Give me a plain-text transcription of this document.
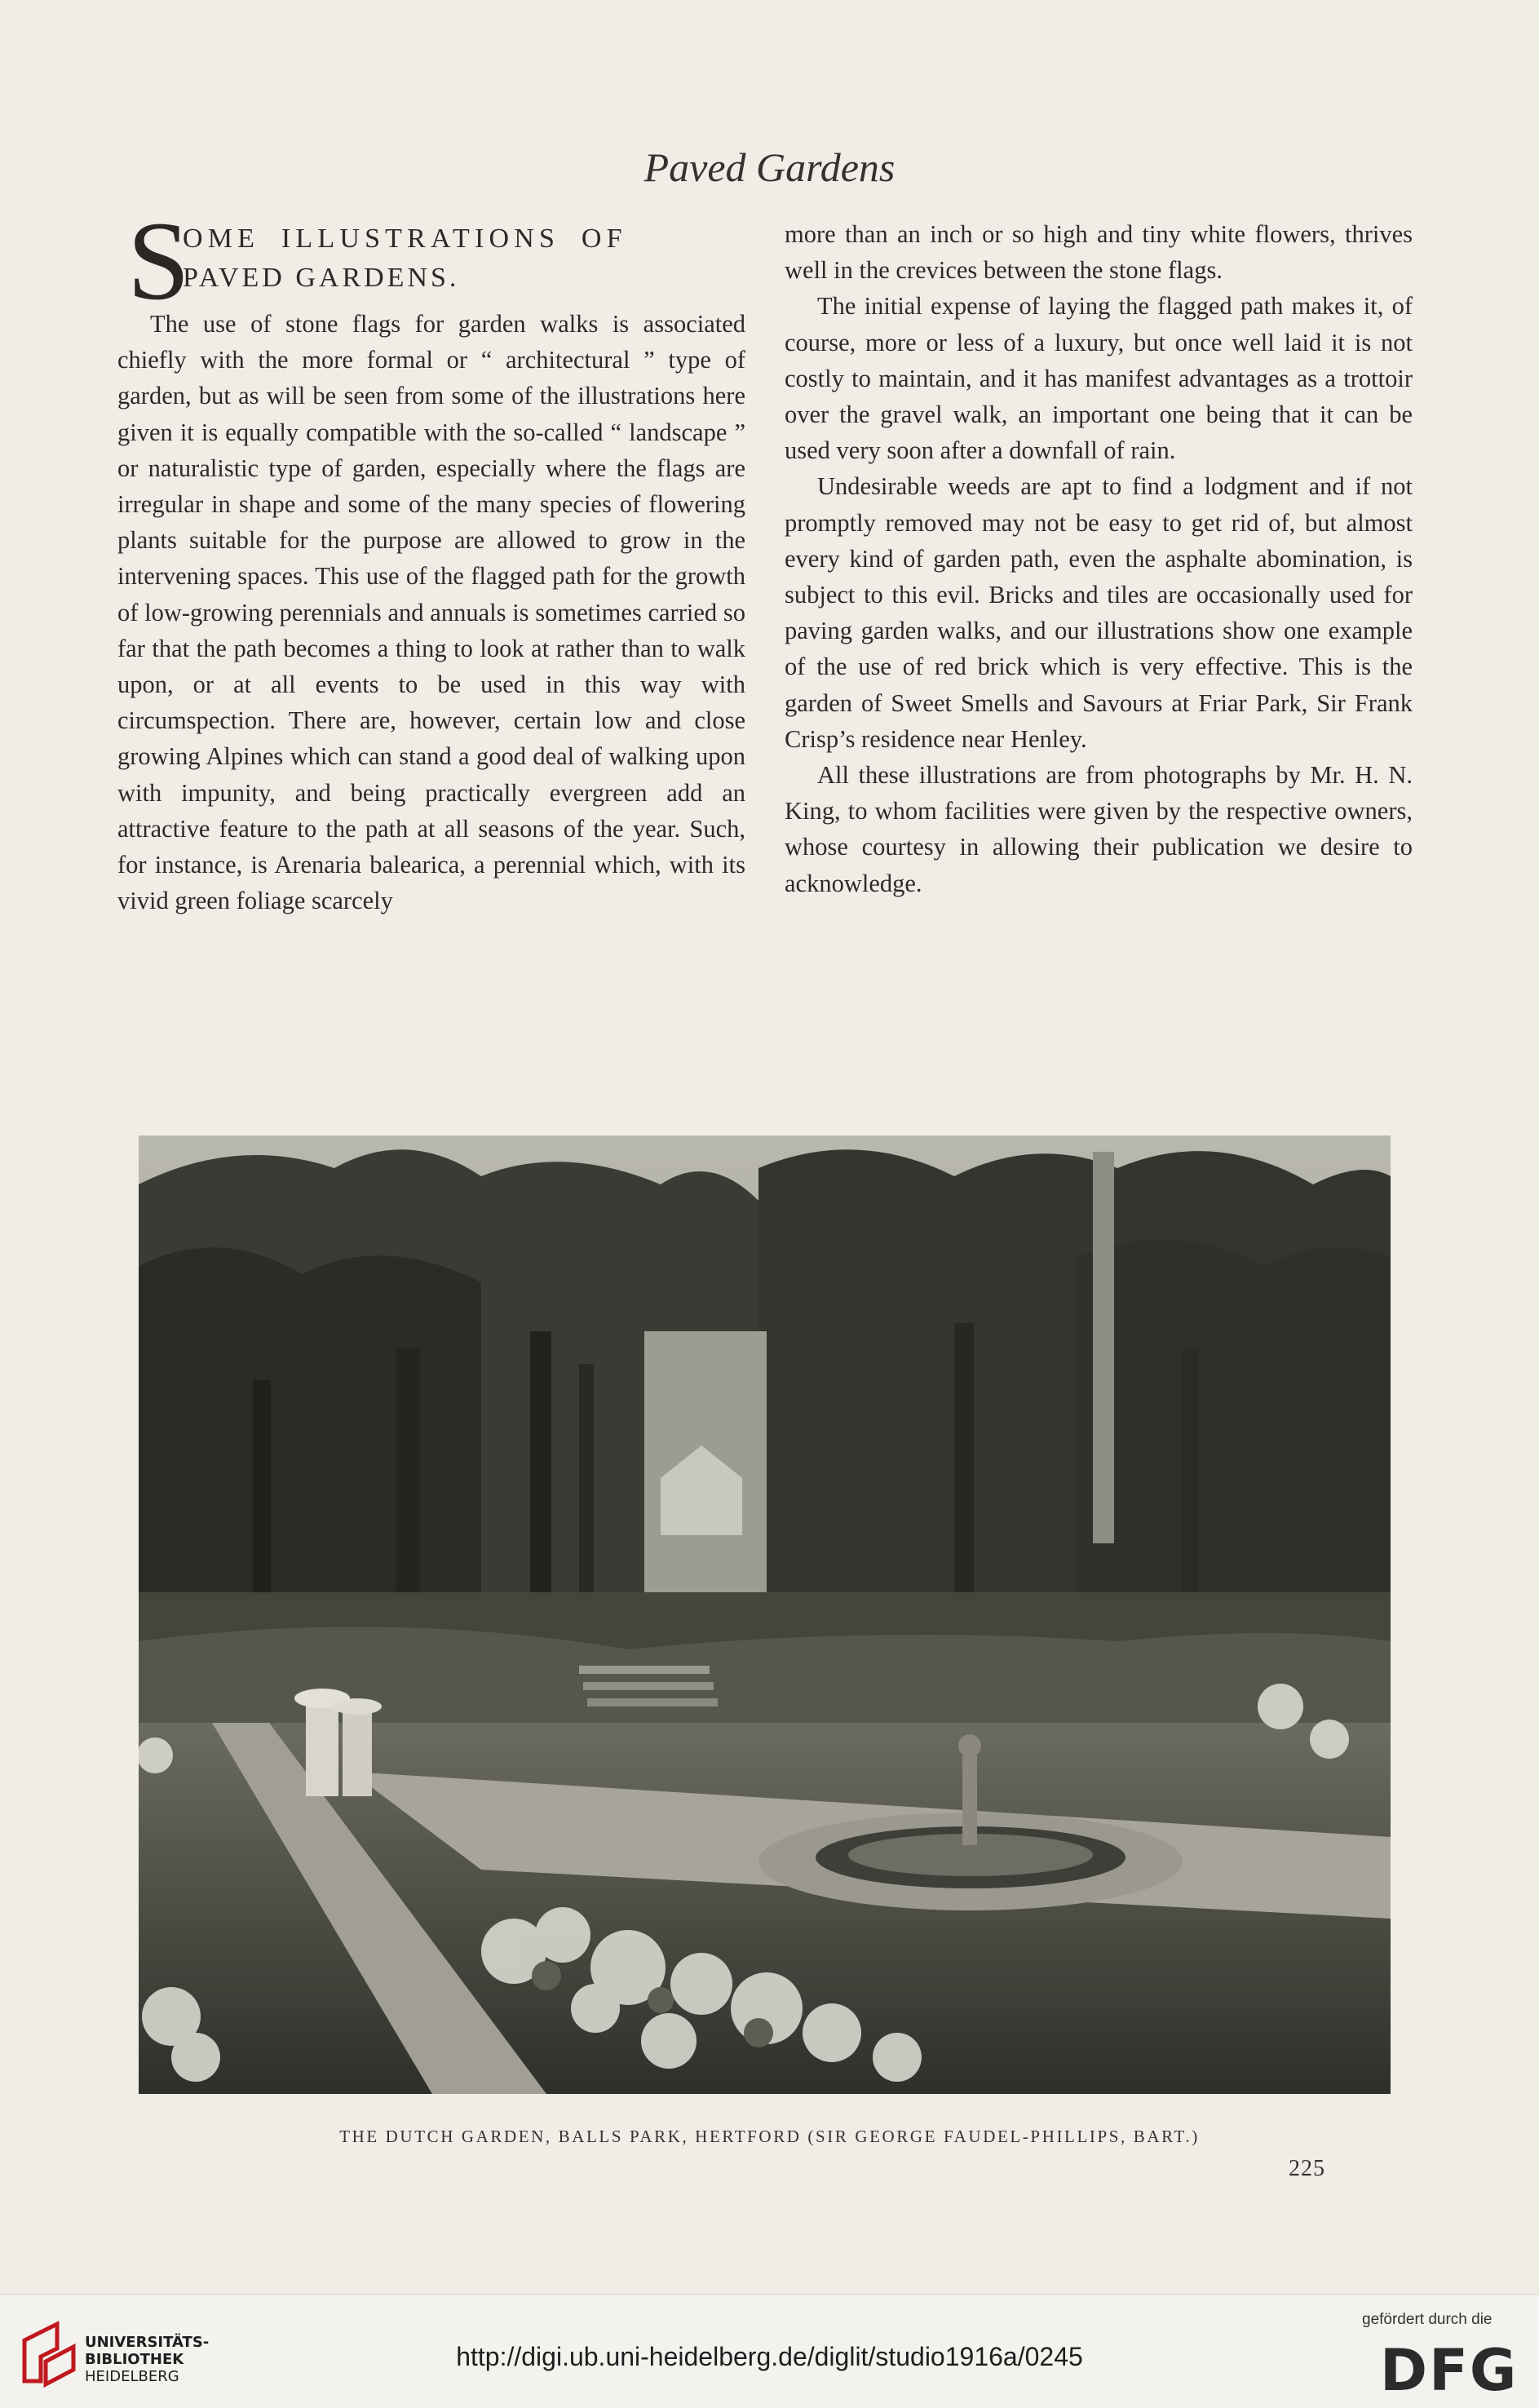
Paved Gardens
S
OME ILLUSTRATIONS OF
PAVED GARDENS.

The use of stone flags for garden walks is associated chiefly with the more formal or “ architectural ” type of garden, but as will be seen from some of the illustrations here given it is equally compatible with the so-called “ landscape ” or naturalistic type of garden, especially where the flags are irregular in shape and some of the many species of flowering plants suitable for the purpose are allowed to grow in the intervening spaces. This use of the flagged path for the growth of low-growing perennials and annuals is sometimes carried so far that the path becomes a thing to look at rather than to walk upon, or at all events to be used in this way with circumspection. There are, however, certain low and close growing Alpines which can stand a good deal of walking upon with impunity, and being practically evergreen add an attractive feature to the path at all seasons of the year. Such, for instance, is Arenaria balearica, a perennial which, with its vivid green foliage scarcely

more than an inch or so high and tiny white flowers, thrives well in the crevices between the stone flags.

The initial expense of laying the flagged path makes it, of course, more or less of a luxury, but once well laid it is not costly to maintain, and it has manifest advantages as a trottoir over the gravel walk, an important one being that it can be used very soon after a downfall of rain.

Undesirable weeds are apt to find a lodgment and if not promptly removed may not be easy to get rid of, but almost every kind of garden path, even the asphalte abomination, is subject to this evil. Bricks and tiles are occasionally used for paving garden walks, and our illustrations show one example of the use of red brick which is very effective. This is the garden of Sweet Smells and Savours at Friar Park, Sir Frank Crisp’s residence near Henley.

All these illustrations are from photographs by Mr. H. N. King, to whom facilities were given by the respective owners, whose courtesy in allowing their publication we desire to acknowledge.

THE DUTCH GARDEN, BALLS PARK, HERTFORD (SIR GEORGE FAUDEL-PHILLIPS, BART.)
225
UNIVERSITÄTS-
BIBLIOTHEK
HEIDELBERG
http://digi.ub.uni-heidelberg.de/diglit/studio1916a/0245
gefördert durch die
DFG
